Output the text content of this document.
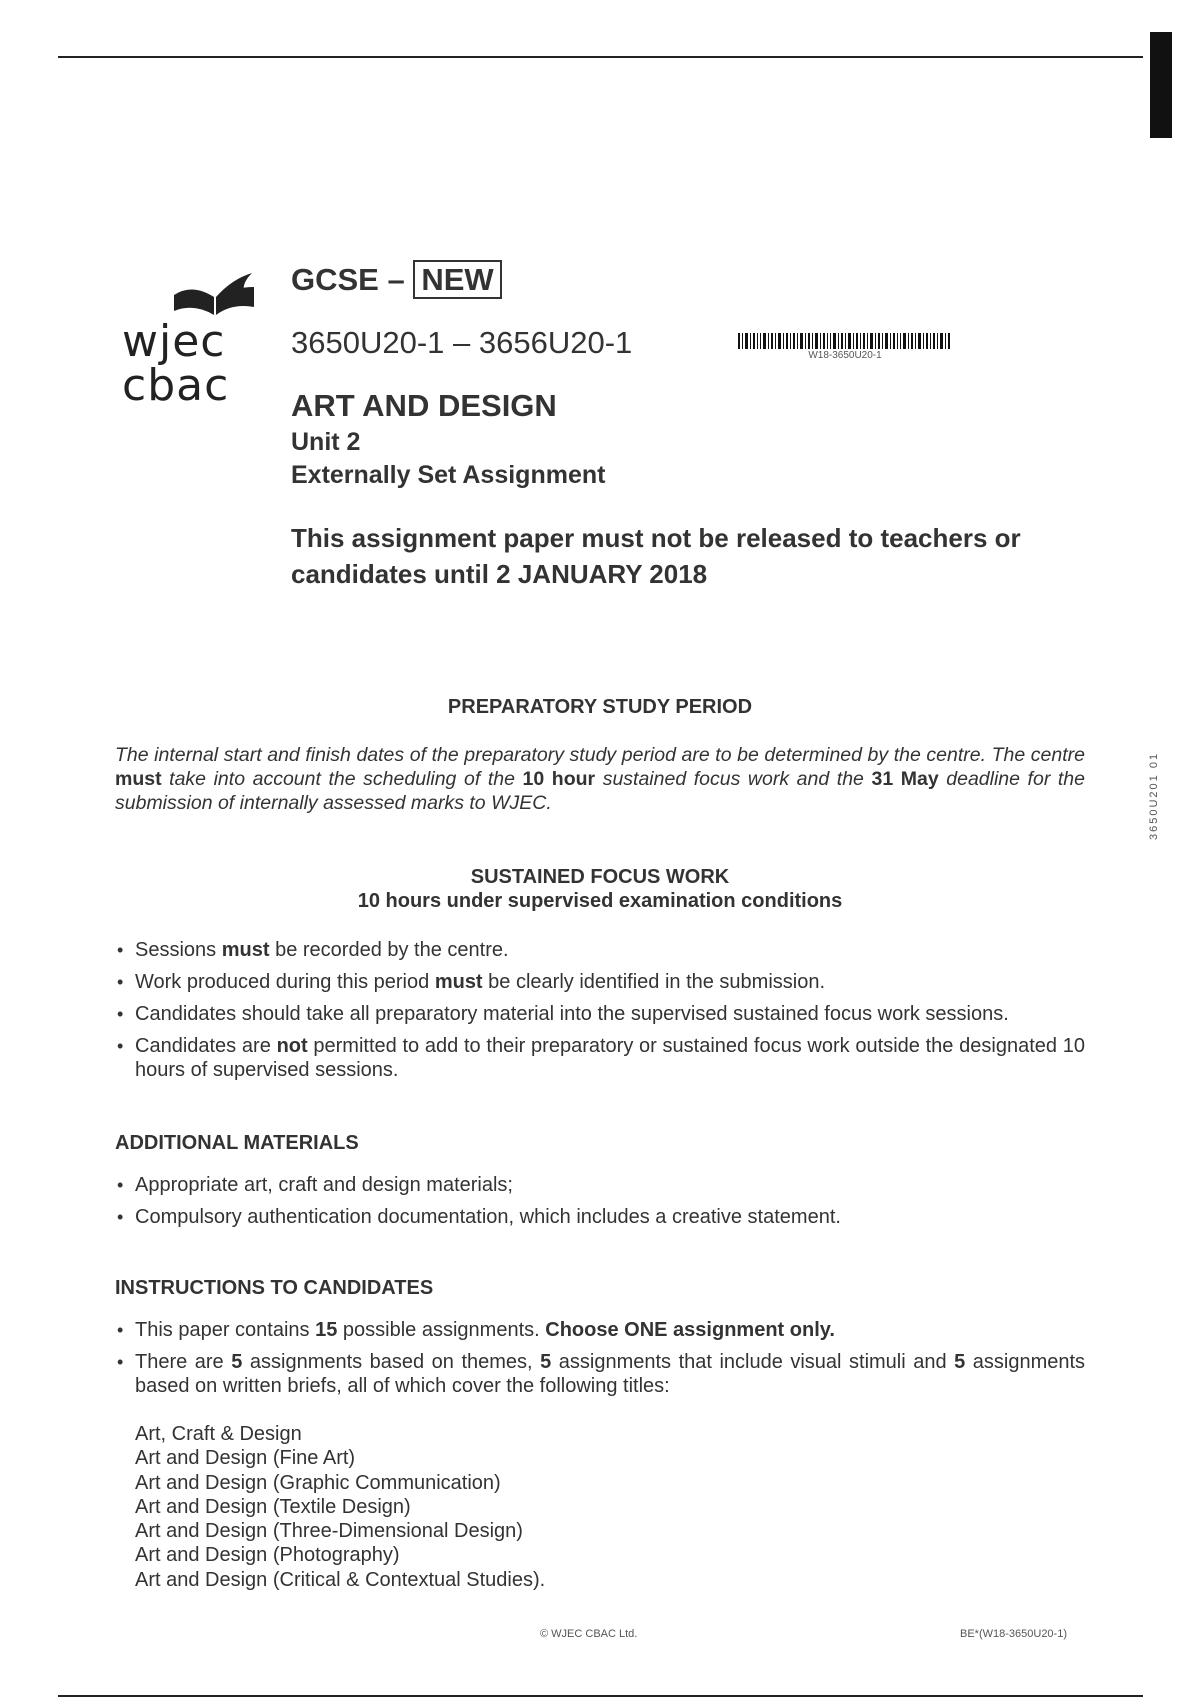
wjec
cbac
GCSE – NEW
3650U20-1 – 3656U20-1	W18-3650U20-1
ART AND DESIGN
Unit 2
Externally Set Assignment
This assignment paper must not be released to teachers or candidates until 2 JANUARY 2018
PREPARATORY STUDY PERIOD
The internal start and finish dates of the preparatory study period are to be determined by the centre. The centre must take into account the scheduling of the 10 hour sustained focus work and the 31 May deadline for the submission of internally assessed marks to WJEC.	3650U201 01
SUSTAINED FOCUS WORK
10 hours under supervised examination conditions
• Sessions must be recorded by the centre.
• Work produced during this period must be clearly identified in the submission.
• Candidates should take all preparatory material into the supervised sustained focus work sessions.
• Candidates are not permitted to add to their preparatory or sustained focus work outside the designated 10 hours of supervised sessions.
ADDITIONAL MATERIALS
• Appropriate art, craft and design materials;
• Compulsory authentication documentation, which includes a creative statement.
INSTRUCTIONS TO CANDIDATES
• This paper contains 15 possible assignments. Choose ONE assignment only.
• There are 5 assignments based on themes, 5 assignments that include visual stimuli and 5 assignments based on written briefs, all of which cover the following titles:
Art, Craft & Design
Art and Design (Fine Art)
Art and Design (Graphic Communication)
Art and Design (Textile Design)
Art and Design (Three-Dimensional Design)
Art and Design (Photography)
Art and Design (Critical & Contextual Studies).
© WJEC CBAC Ltd.	BE*(W18-3650U20-1)
